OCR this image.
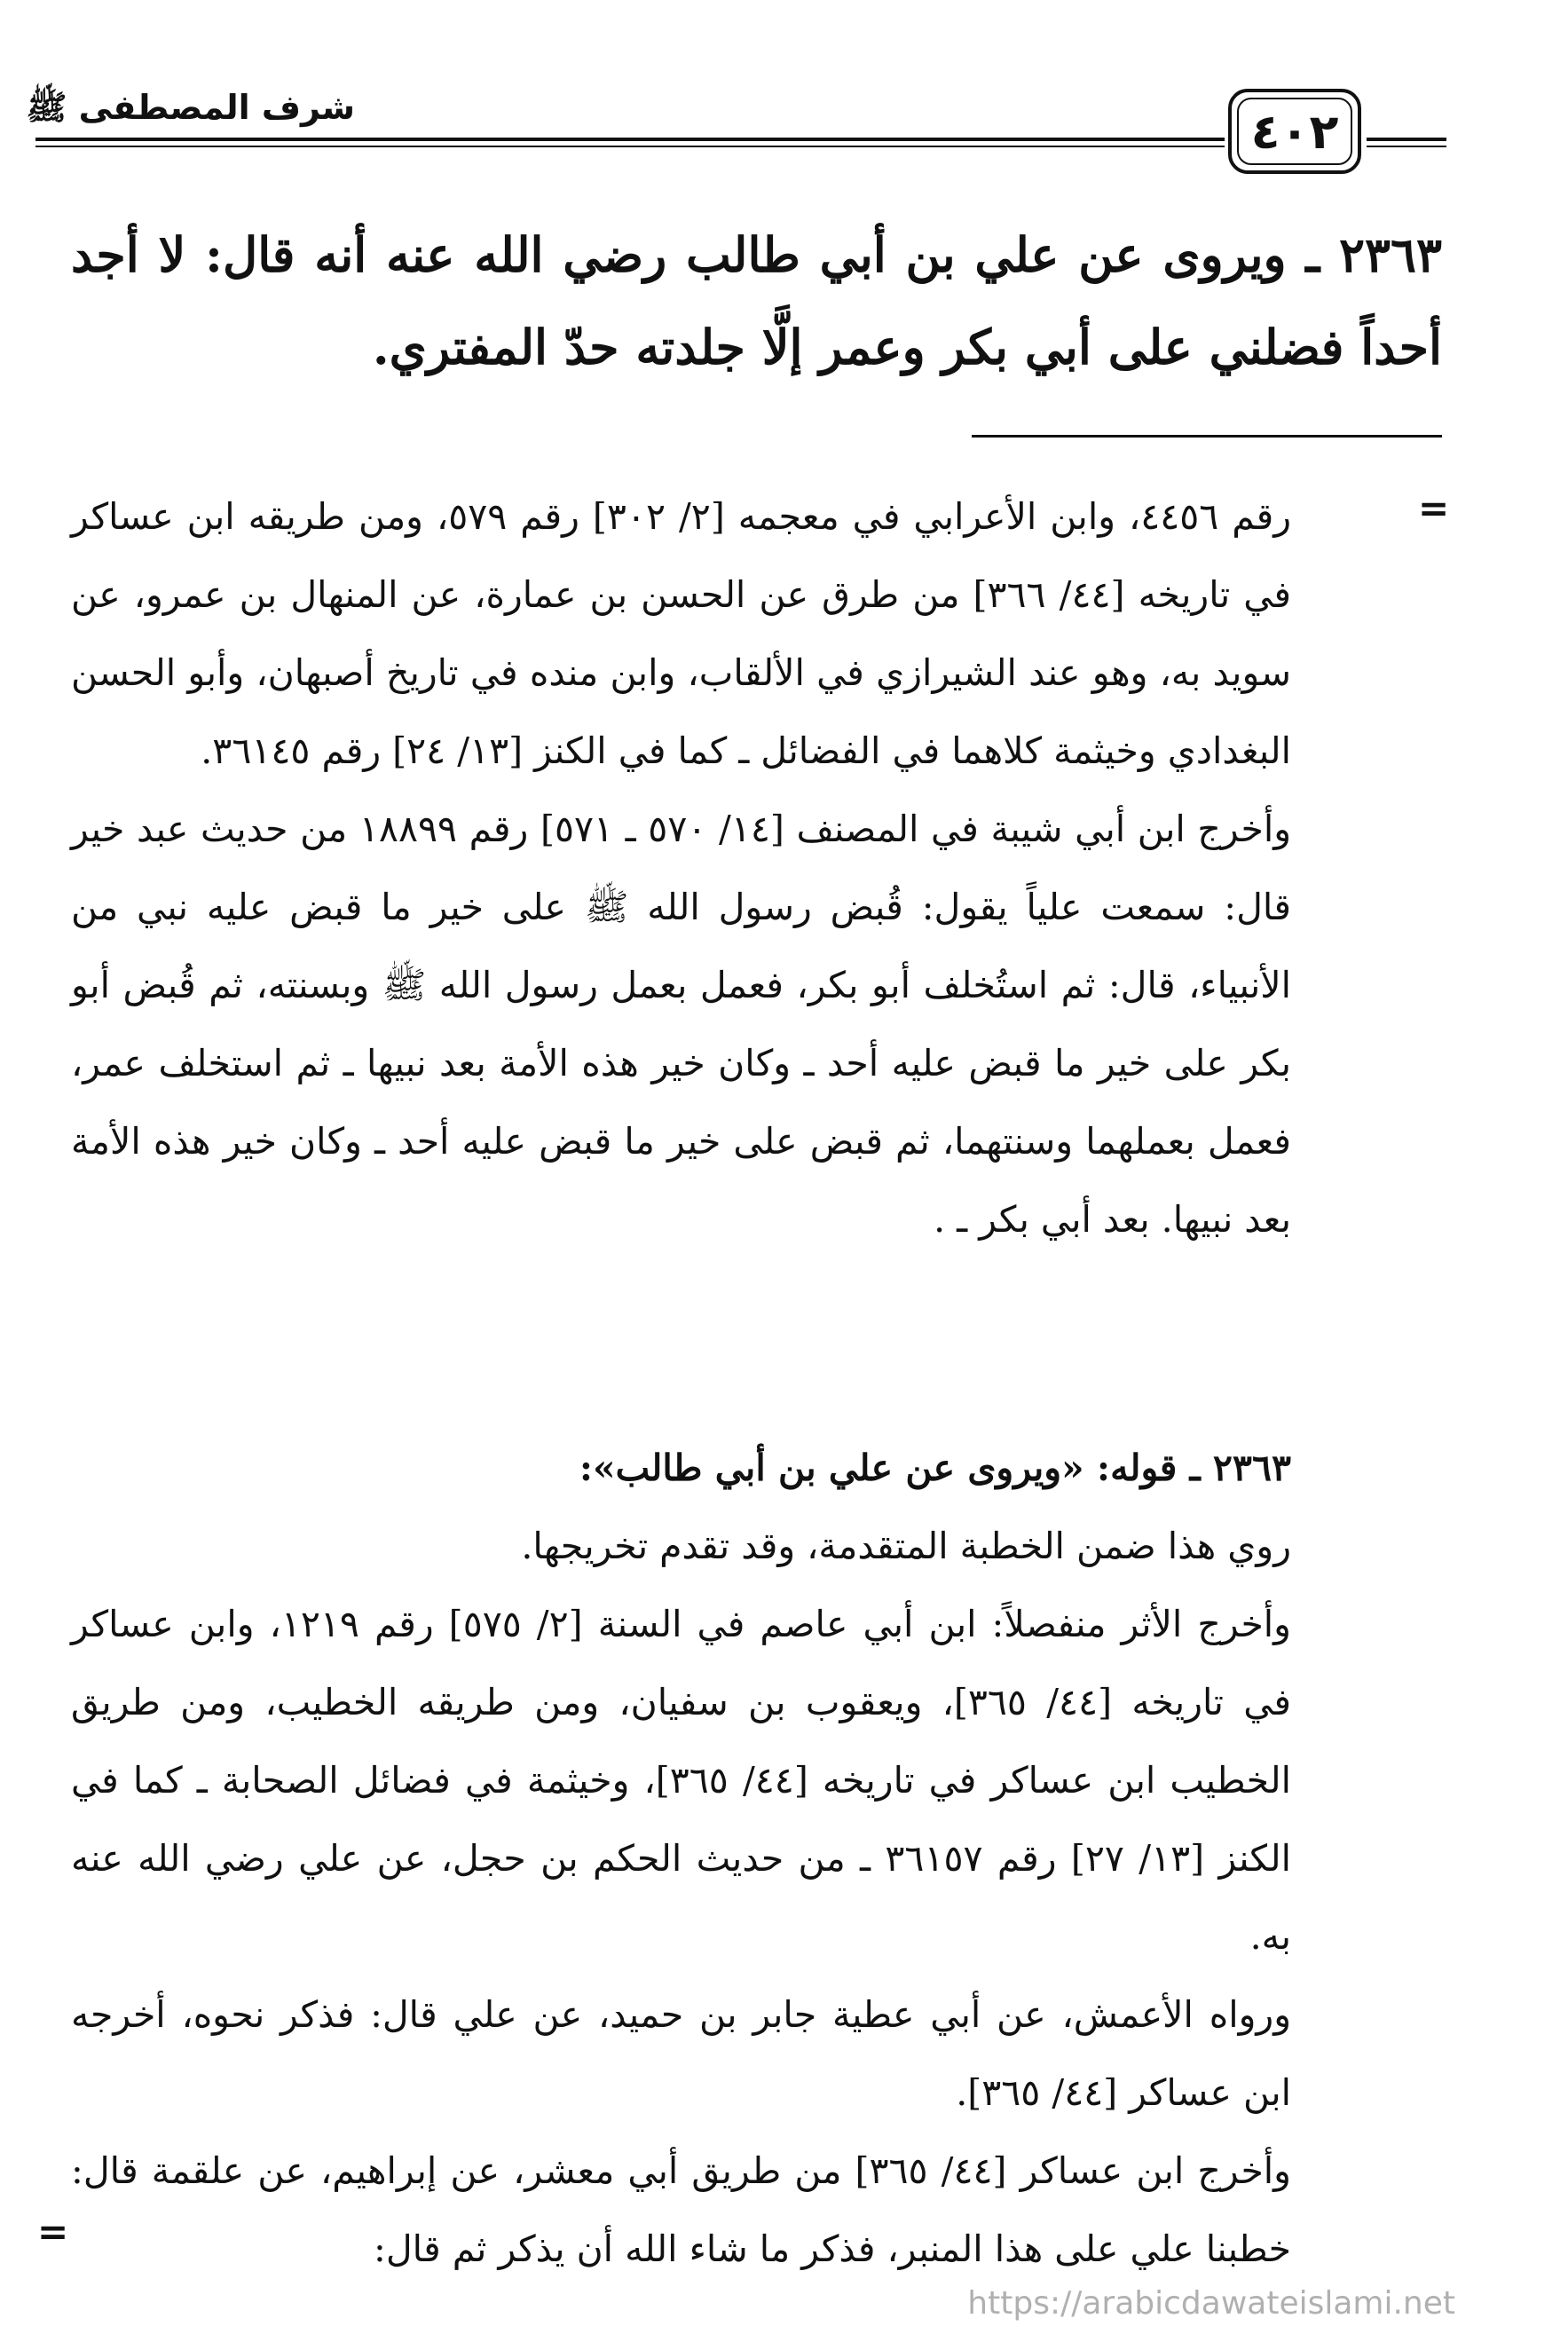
شرف المصطفى ﷺ	٤٠٢
٢٣٦٣ ـ ويروى عن علي بن أبي طالب رضي الله عنه أنه قال: لا أجد أحداً فضلني على أبي بكر وعمر إلَّا جلدته حدّ المفتري.
=
رقم ٤٤٥٦، وابن الأعرابي في معجمه [٢/ ٣٠٢] رقم ٥٧٩، ومن طريقه ابن عساكر في تاريخه [٤٤/ ٣٦٦] من طرق عن الحسن بن عمارة، عن المنهال بن عمرو، عن سويد به، وهو عند الشيرازي في الألقاب، وابن منده في تاريخ أصبهان، وأبو الحسن البغدادي وخيثمة كلاهما في الفضائل ـ كما في الكنز [١٣/ ٢٤] رقم ٣٦١٤٥.
وأخرج ابن أبي شيبة في المصنف [١٤/ ٥٧٠ ـ ٥٧١] رقم ١٨٨٩٩ من حديث عبد خير قال: سمعت علياً يقول: قُبض رسول الله ﷺ على خير ما قبض عليه نبي من الأنبياء، قال: ثم استُخلف أبو بكر، فعمل بعمل رسول الله ﷺ وبسنته، ثم قُبض أبو بكر على خير ما قبض عليه أحد ـ وكان خير هذه الأمة بعد نبيها ـ ثم استخلف عمر، فعمل بعملهما وسنتهما، ثم قبض على خير ما قبض عليه أحد ـ وكان خير هذه الأمة بعد نبيها. بعد أبي بكر ـ .
٢٣٦٣ ـ قوله: «ويروى عن علي بن أبي طالب»:
روي هذا ضمن الخطبة المتقدمة، وقد تقدم تخريجها.
وأخرج الأثر منفصلاً: ابن أبي عاصم في السنة [٢/ ٥٧٥] رقم ١٢١٩، وابن عساكر في تاريخه [٤٤/ ٣٦٥]، ويعقوب بن سفيان، ومن طريقه الخطيب، ومن طريق الخطيب ابن عساكر في تاريخه [٤٤/ ٣٦٥]، وخيثمة في فضائل الصحابة ـ كما في الكنز [١٣/ ٢٧] رقم ٣٦١٥٧ ـ من حديث الحكم بن حجل، عن علي رضي الله عنه به.
ورواه الأعمش، عن أبي عطية جابر بن حميد، عن علي قال: فذكر نحوه، أخرجه ابن عساكر [٤٤/ ٣٦٥].
وأخرج ابن عساكر [٤٤/ ٣٦٥] من طريق أبي معشر، عن إبراهيم، عن علقمة قال: خطبنا علي على هذا المنبر، فذكر ما شاء الله أن يذكر ثم قال:
=
https://arabicdawateislami.net
